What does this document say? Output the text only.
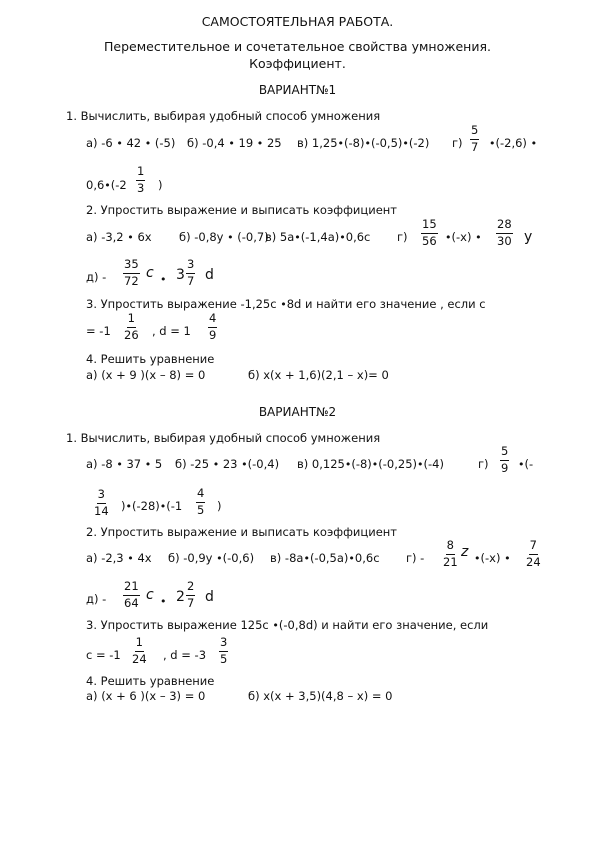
САМОСТОЯТЕЛЬНАЯ РАБОТА.
Переместительное и сочетательное свойства умножения.
Коэффициент.
ВАРИАНТ№1
1. Вычислить, выбирая удобный способ умножения
а) -6 • 42 • (-5) б) -0,4 • 19 • 25 в) 1,25•(-8)•(-0,5)•(-2) г)
5
7 •(-2,6) •
0,6•(-2
1
3 )
2. Упростить выражение и выписать коэффициент
а) -3,2 • 6х б) -0,8у • (-0,7)
в) 5а•(-1,4а)•0,6с г)
15
56 •(-х) •
28
30 у
д) -
35
72 с • 3
3
7 d
3. Упростить выражение -1,25с •8d и найти его значение , если с
= -1
1
26 , d = 1
4
9
4. Решить уравнение
а) (х + 9 )(х – 8) = 0	б) х(х + 1,6)(2,1 – х)= 0
ВАРИАНТ№2
1. Вычислить, выбирая удобный способ умножения
а) -8 • 37 • 5 б) -25 • 23 •(-0,4) в) 0,125•(-8)•(-0,25)•(-4)	г)
5
9 •(-
3
14 )•(-28)•(-1
4
5 )
2. Упростить выражение и выписать коэффициент
а) -2,3 • 4х б) -0,9у •(-0,6) в) -8а•(-0,5а)•0,6с г) -
8
21
z •(-х) •
7
24
д) -
21
64 с • 2
2
7 d
3. Упростить выражение 125с •(-0,8d) и найти его значение, если
с = -1
1
24 , d = -3
3
5
4. Решить уравнение
а) (х + 6 )(х – 3) = 0	б) х(х + 3,5)(4,8 – х) = 0
